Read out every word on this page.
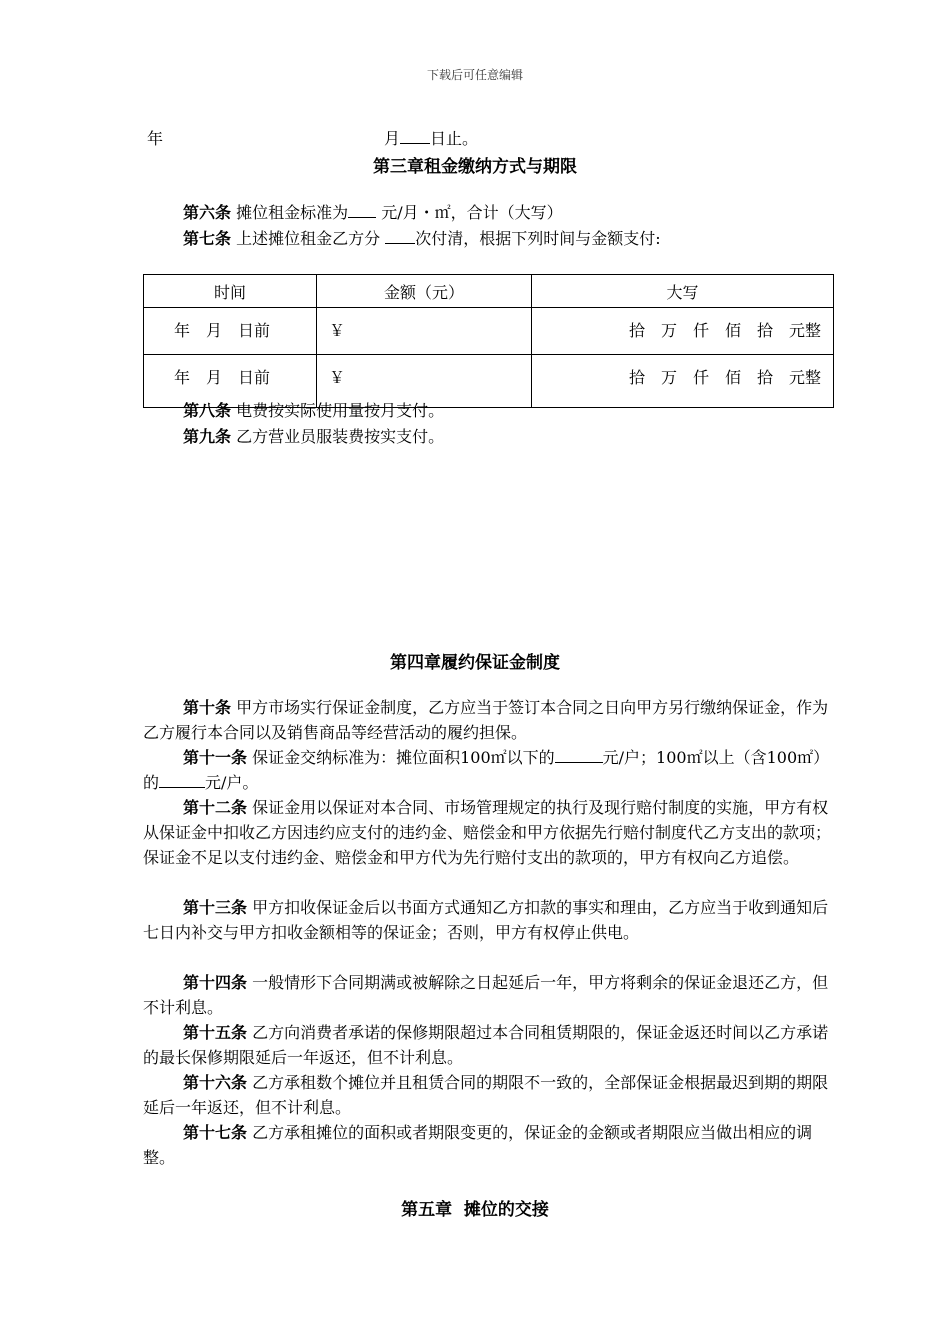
下载后可任意编辑
年	月 日止。
第三章租金缴纳方式与期限
第六条 摊位租金标准为 元/月・㎡，合计（大写）
第七条 上述摊位租金乙方分 次付清，根据下列时间与金额支付:
时间	金额（元）	大写
年　月　日前	￥	拾　万　仟　佰　拾　元整
年　月　日前	￥	拾　万　仟　佰　拾　元整
第八条 电费按实际使用量按月支付。
第九条 乙方营业员服装费按实支付。
第四章履约保证金制度
第十条 甲方市场实行保证金制度，乙方应当于签订本合同之日向甲方另行缴纳保证金，作为乙方履行本合同以及销售商品等经营活动的履约担保。
第十一条 保证金交纳标准为：摊位面积100㎡以下的	元/户；100㎡以上（含100㎡）的	元/户。
第十二条 保证金用以保证对本合同、市场管理规定的执行及现行赔付制度的实施，甲方有权从保证金中扣收乙方因违约应支付的违约金、赔偿金和甲方依据先行赔付制度代乙方支出的款项；保证金不足以支付违约金、赔偿金和甲方代为先行赔付支出的款项的，甲方有权向乙方追偿。
第十三条 甲方扣收保证金后以书面方式通知乙方扣款的事实和理由，乙方应当于收到通知后七日内补交与甲方扣收金额相等的保证金；否则，甲方有权停止供电。
第十四条 一般情形下合同期满或被解除之日起延后一年，甲方将剩余的保证金退还乙方，但不计利息。
第十五条 乙方向消费者承诺的保修期限超过本合同租赁期限的，保证金返还时间以乙方承诺的最长保修期限延后一年返还，但不计利息。
第十六条 乙方承租数个摊位并且租赁合同的期限不一致的，全部保证金根据最迟到期的期限延后一年返还，但不计利息。
第十七条 乙方承租摊位的面积或者期限变更的，保证金的金额或者期限应当做出相应的调整。
第五章  摊位的交接
